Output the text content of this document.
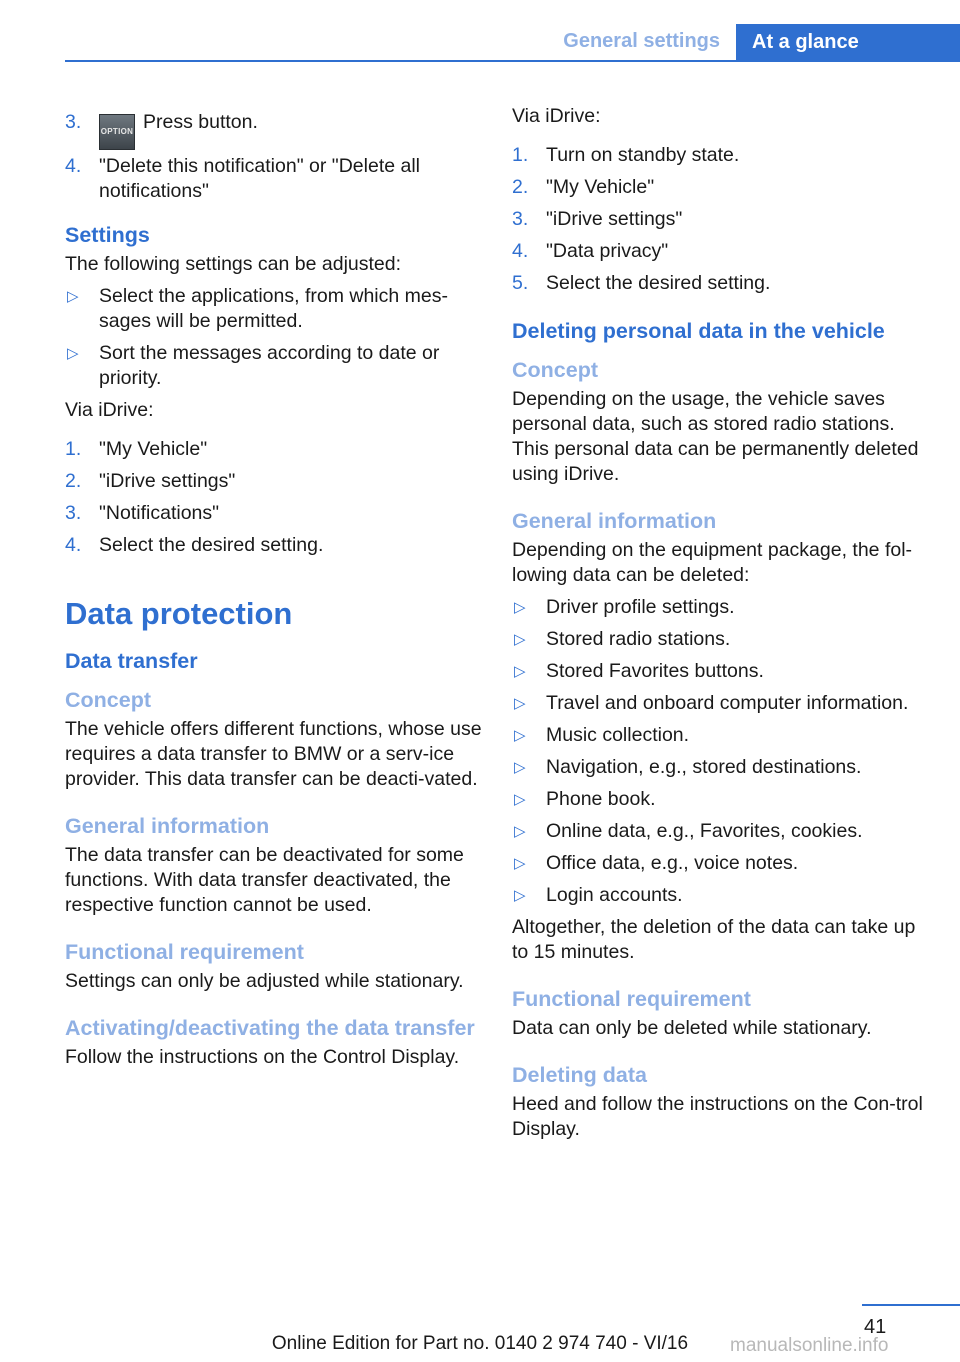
General settings	At a glance
3. OPTION Press button.
4. "Delete this notification" or "Delete all notifications"
Settings

The following settings can be adjusted:

▷ Select the applications, from which mes‐sages will be permitted.
▷ Sort the messages according to date or priority.

Via iDrive:

1. "My Vehicle"
2. "iDrive settings"
3. "Notifications"
4. Select the desired setting.
Data protection
Data transfer
Concept

The vehicle offers different functions, whose use requires a data transfer to BMW or a serv‐ice provider. This data transfer can be deacti‐vated.

General information

The data transfer can be deactivated for some functions. With data transfer deactivated, the respective function cannot be used.

Functional requirement

Settings can only be adjusted while stationary.

Activating/deactivating the data transfer

Follow the instructions on the Control Display.

Via iDrive:

1. Turn on standby state.
2. "My Vehicle"
3. "iDrive settings"
4. "Data privacy"
5. Select the desired setting.
Deleting personal data in the vehicle
Concept

Depending on the usage, the vehicle saves personal data, such as stored radio stations. This personal data can be permanently deleted using iDrive.

General information

Depending on the equipment package, the fol‐lowing data can be deleted:

▷ Driver profile settings.
▷ Stored radio stations.
▷ Stored Favorites buttons.
▷ Travel and onboard computer information.
▷ Music collection.
▷ Navigation, e.g., stored destinations.
▷ Phone book.
▷ Online data, e.g., Favorites, cookies.
▷ Office data, e.g., voice notes.
▷ Login accounts.

Altogether, the deletion of the data can take up to 15 minutes.

Functional requirement

Data can only be deleted while stationary.

Deleting data

Heed and follow the instructions on the Con‐trol Display.

41
Online Edition for Part no. 0140 2 974 740 - VI/16	manualsonline.info
